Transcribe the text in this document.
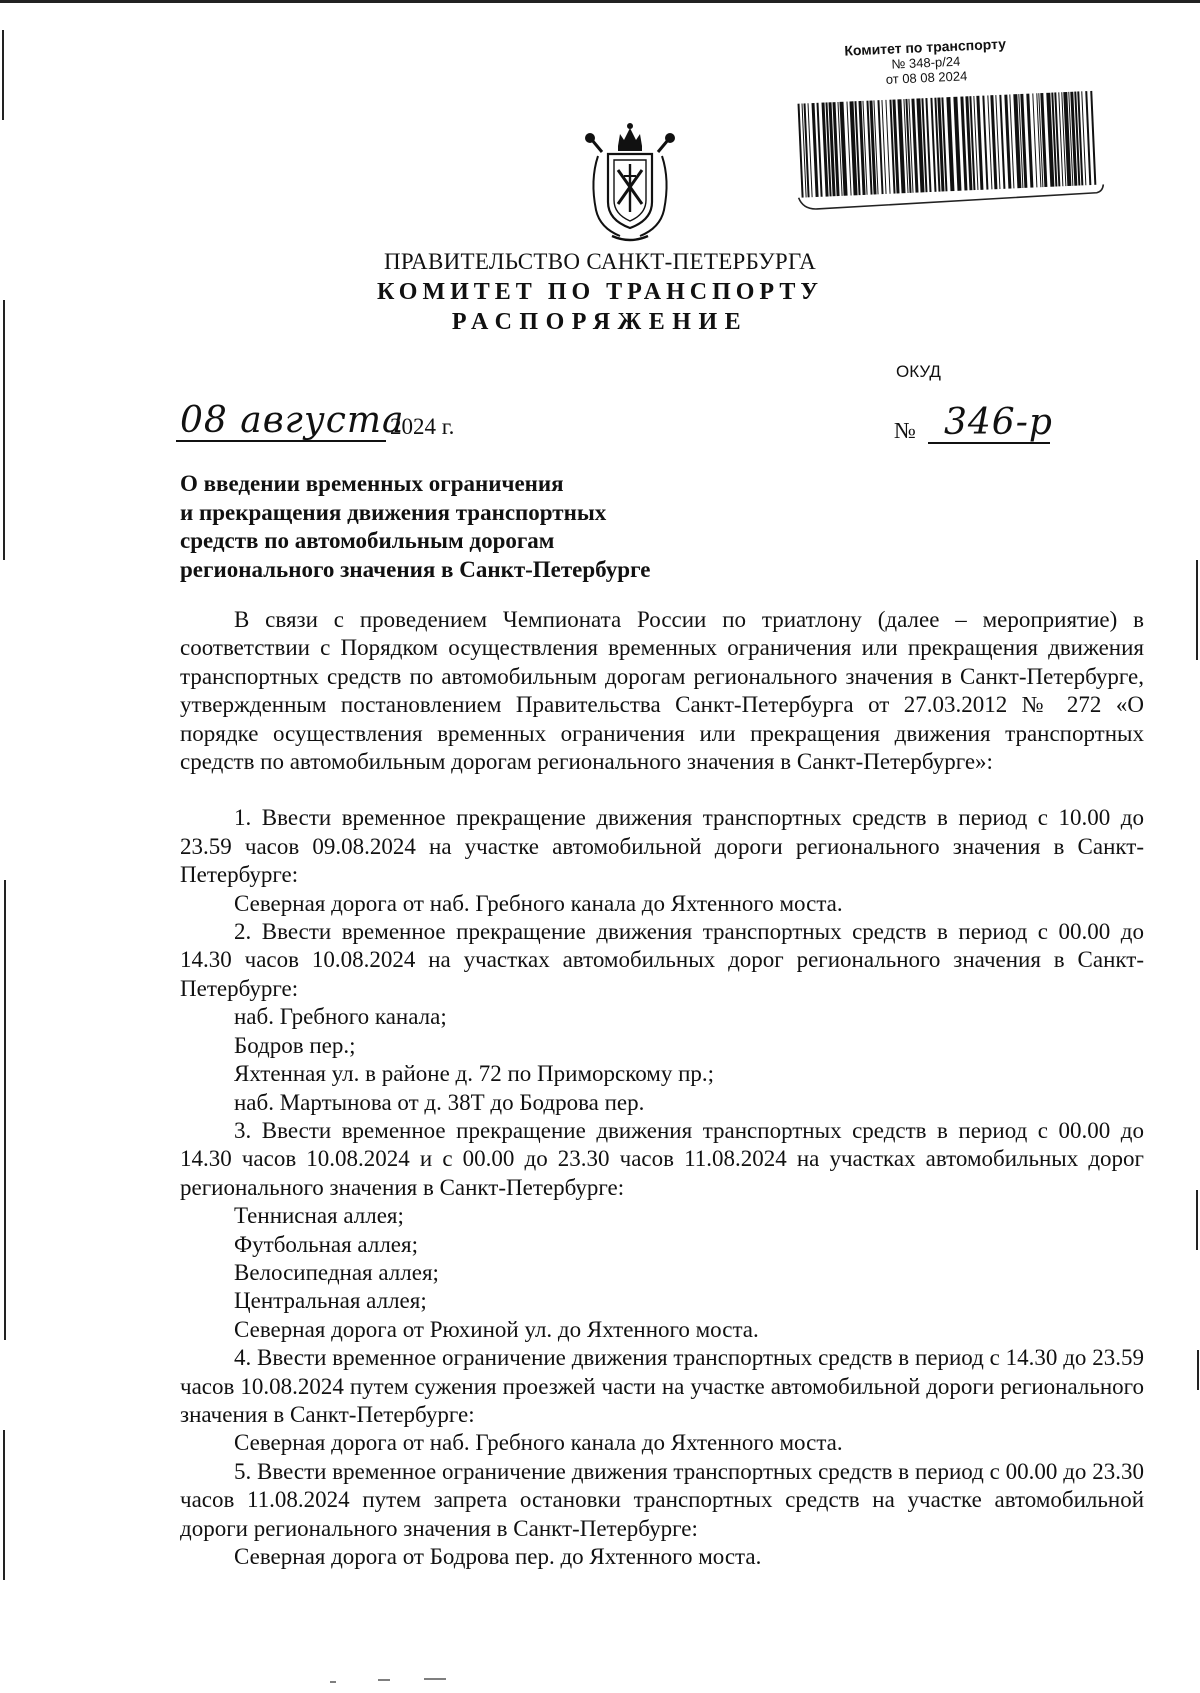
Комитет по транспорту
№ 348-р/24
от 08 08 2024
ПРАВИТЕЛЬСТВО САНКТ-ПЕТЕРБУРГА
КОМИТЕТ ПО ТРАНСПОРТУ
РАСПОРЯЖЕНИЕ
ОКУД
08 августа
2024 г.	№ 346-р
О введении временных ограничения
и прекращения движения транспортных
средств по автомобильным дорогам
регионального значения в Санкт-Петербурге

В связи с проведением Чемпионата России по триатлону (далее – мероприятие) в соответствии с Порядком осуществления временных ограничения или прекращения движения транспортных средств по автомобильным дорогам регионального значения в Санкт-Петербурге, утвержденным постановлением Правительства Санкт-Петербурга от 27.03.2012 № 272 «О порядке осуществления временных ограничения или прекращения движения транспортных средств по автомобильным дорогам регионального значения в Санкт-Петербурге»:

1. Ввести временное прекращение движения транспортных средств в период с 10.00 до 23.59 часов 09.08.2024 на участке автомобильной дороги регионального значения в Санкт-Петербурге:

Северная дорога от наб. Гребного канала до Яхтенного моста.

2. Ввести временное прекращение движения транспортных средств в период с 00.00 до 14.30 часов 10.08.2024 на участках автомобильных дорог регионального значения в Санкт-Петербурге:

наб. Гребного канала;

Бодров пер.;

Яхтенная ул. в районе д. 72 по Приморскому пр.;

наб. Мартынова от д. 38Т до Бодрова пер.

3. Ввести временное прекращение движения транспортных средств в период с 00.00 до 14.30 часов 10.08.2024 и с 00.00 до 23.30 часов 11.08.2024 на участках автомобильных дорог регионального значения в Санкт-Петербурге:

Теннисная аллея;

Футбольная аллея;

Велосипедная аллея;

Центральная аллея;

Северная дорога от Рюхиной ул. до Яхтенного моста.

4. Ввести временное ограничение движения транспортных средств в период с 14.30 до 23.59 часов 10.08.2024 путем сужения проезжей части на участке автомобильной дороги регионального значения в Санкт-Петербурге:

Северная дорога от наб. Гребного канала до Яхтенного моста.

5. Ввести временное ограничение движения транспортных средств в период с 00.00 до 23.30 часов 11.08.2024 путем запрета остановки транспортных средств на участке автомобильной дороги регионального значения в Санкт-Петербурге:

Северная дорога от Бодрова пер. до Яхтенного моста.
